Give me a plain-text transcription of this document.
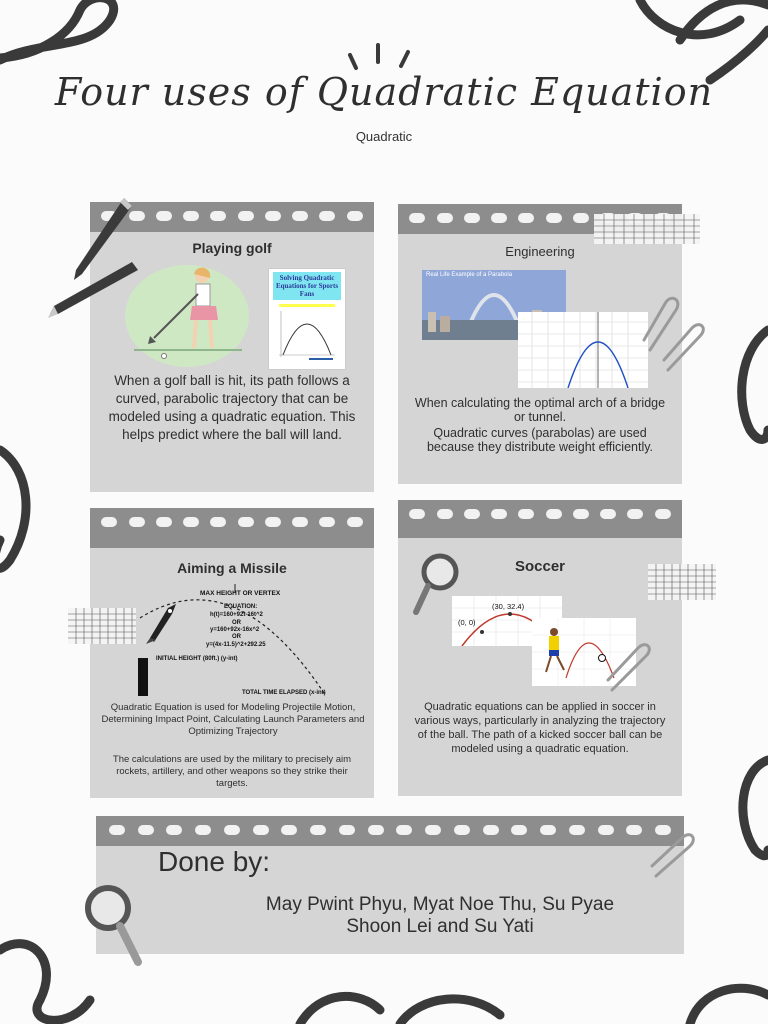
Four uses of Quadratic Equation
Quadratic
Playing golf
Solving Quadratic Equations for Sports Fans
When a golf ball is hit, its path follows a curved, parabolic trajectory that can be modeled using a quadratic equation. This helps predict where the ball will land.
Engineering
Real Life Example of a Parabola
When calculating the optimal arch of a bridge or tunnel.
Quadratic curves (parabolas) are used because they distribute weight efficiently.
Aiming a Missile
MAX HEIGHT OR VERTEX
EQUATION:
h(t)=160+92t-16t^2
OR
y=160+92x-16x^2
OR
y=(4x-11.5)^2+292.25
INITIAL HEIGHT (80ft.) (y-int)
TOTAL TIME ELAPSED (x-int)
Quadratic Equation is used for Modeling Projectile Motion, Determining Impact Point, Calculating Launch Parameters and Optimizing Trajectory
The calculations are used by the military to precisely aim rockets, artillery, and other weapons so they strike their targets.
Soccer
(30, 32.4)
(0, 0)
Quadratic equations can be applied in soccer in various ways, particularly in analyzing the trajectory of the ball. The path of a kicked soccer ball can be modeled using a quadratic equation.
Done by:
May Pwint Phyu, Myat Noe Thu, Su Pyae
Shoon Lei and Su Yati
